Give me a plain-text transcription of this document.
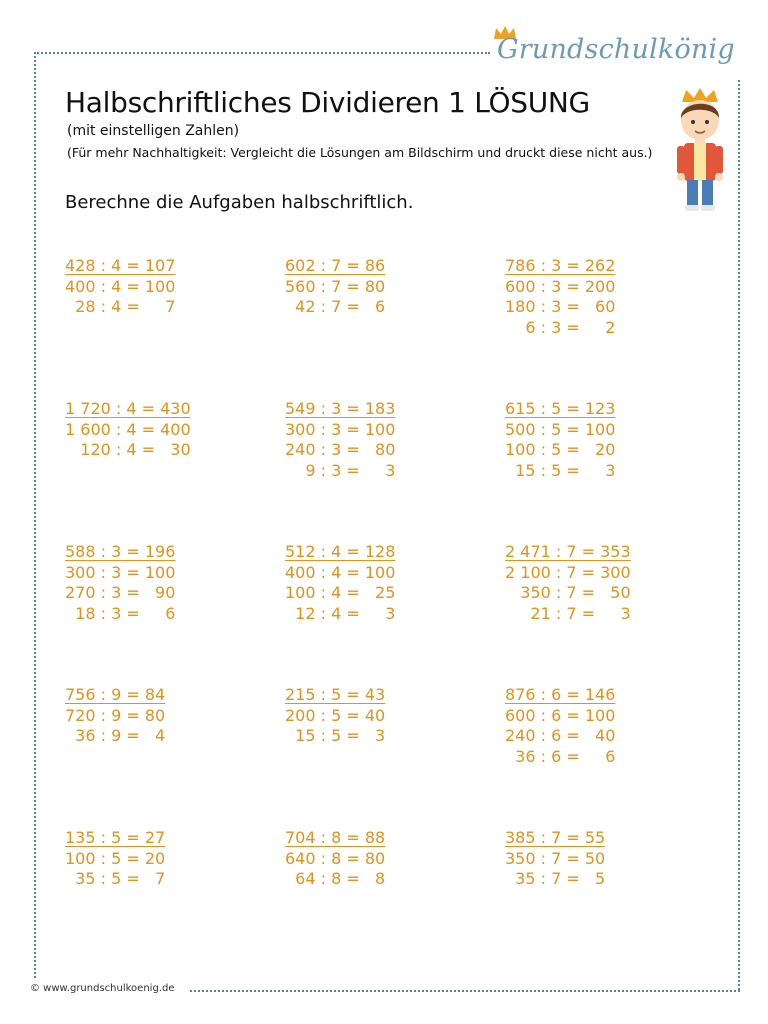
Grundschulkönig
Halbschriftliches Dividieren 1 LÖSUNG
(mit einstelligen Zahlen)
(Für mehr Nachhaltigkeit: Vergleicht die Lösungen am Bildschirm und druckt diese nicht aus.)
Berechne die Aufgaben halbschriftlich.
428 : 4 = 107
400 : 4 = 100
28 : 4 =     7
602 : 7 = 86
560 : 7 = 80
42 : 7 =   6
786 : 3 = 262
600 : 3 = 200
180 : 3 =   60
6 : 3 =     2
1 720 : 4 = 430
1 600 : 4 = 400
120 : 4 =   30
549 : 3 = 183
300 : 3 = 100
240 : 3 =   80
9 : 3 =     3
615 : 5 = 123
500 : 5 = 100
100 : 5 =   20
15 : 5 =     3
588 : 3 = 196
300 : 3 = 100
270 : 3 =   90
18 : 3 =     6
512 : 4 = 128
400 : 4 = 100
100 : 4 =   25
12 : 4 =     3
2 471 : 7 = 353
2 100 : 7 = 300
350 : 7 =   50
21 : 7 =     3
756 : 9 = 84
720 : 9 = 80
36 : 9 =   4
215 : 5 = 43
200 : 5 = 40
15 : 5 =   3
876 : 6 = 146
600 : 6 = 100
240 : 6 =   40
36 : 6 =     6
135 : 5 = 27
100 : 5 = 20
35 : 5 =   7
704 : 8 = 88
640 : 8 = 80
64 : 8 =   8
385 : 7 = 55
350 : 7 = 50
35 : 7 =   5
© www.grundschulkoenig.de
